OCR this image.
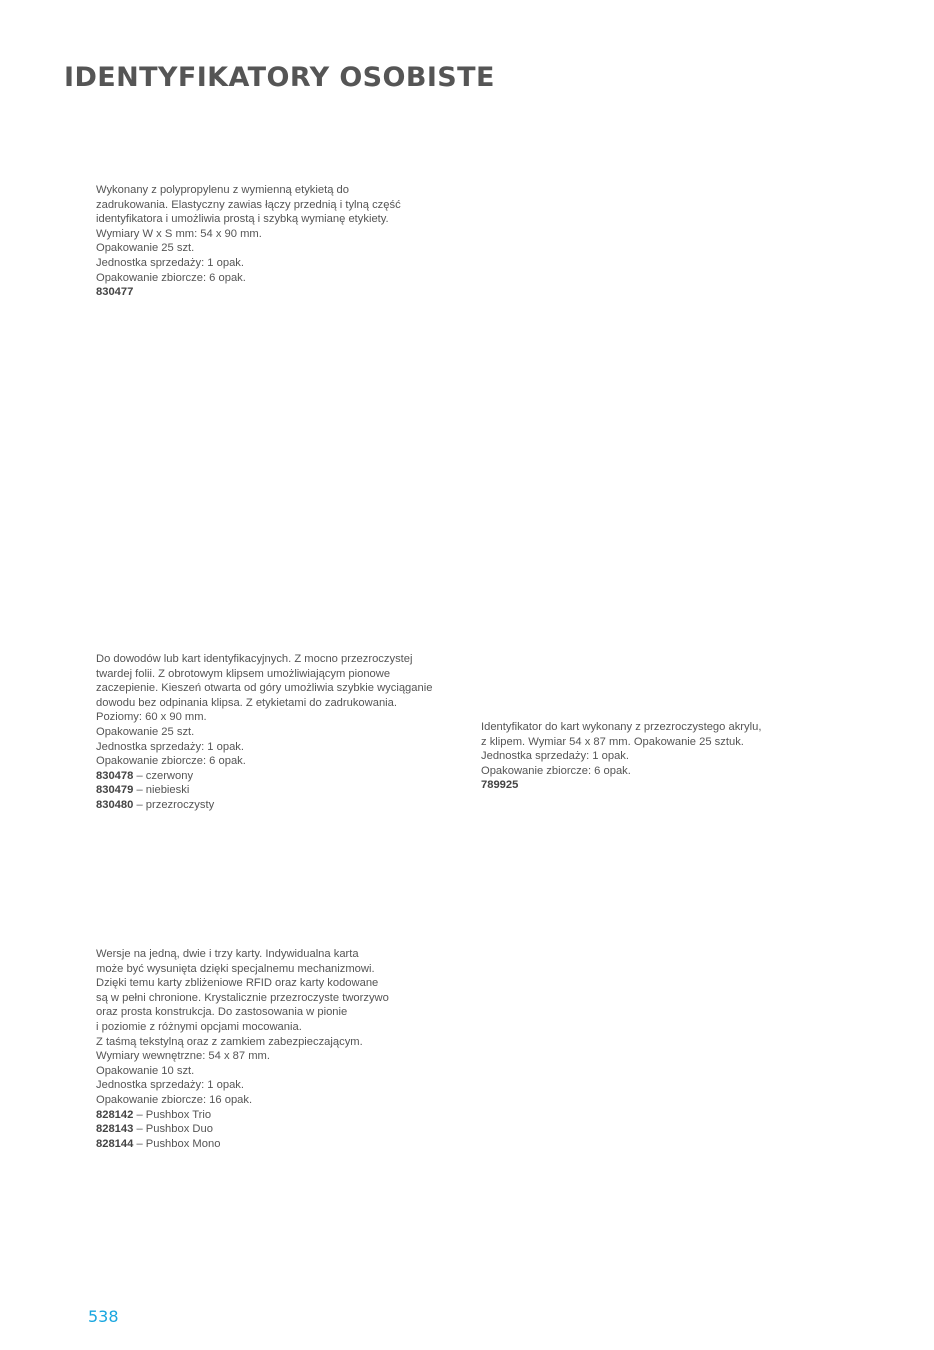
IDENTYFIKATORY OSOBISTE
Wykonany z polypropylenu z wymienną etykietą do
zadrukowania. Elastyczny zawias łączy przednią i tylną część
identyfikatora i umożliwia prostą i szybką wymianę etykiety.
Wymiary W x S mm: 54 x 90 mm.
Opakowanie 25 szt.
Jednostka sprzedaży: 1 opak.
Opakowanie zbiorcze: 6 opak.
830477
Do dowodów lub kart identyfikacyjnych. Z mocno przezroczystej
twardej folii. Z obrotowym klipsem umożliwiającym pionowe
zaczepienie. Kieszeń otwarta od góry umożliwia szybkie wyciąganie
dowodu bez odpinania klipsa. Z etykietami do zadrukowania.
Poziomy: 60 x 90 mm.
Opakowanie 25 szt.
Jednostka sprzedaży: 1 opak.
Opakowanie zbiorcze: 6 opak.
830478 – czerwony
830479 – niebieski
830480 – przezroczysty
Identyfikator do kart wykonany z przezroczystego akrylu,
z klipem. Wymiar 54 x 87 mm. Opakowanie 25 sztuk.
Jednostka sprzedaży: 1 opak.
Opakowanie zbiorcze: 6 opak.
789925
Wersje na jedną, dwie i trzy karty. Indywidualna karta
może być wysunięta dzięki specjalnemu mechanizmowi.
Dzięki temu karty zbliżeniowe RFID oraz karty kodowane
są w pełni chronione. Krystalicznie przezroczyste tworzywo
oraz prosta konstrukcja. Do zastosowania w pionie
i poziomie z różnymi opcjami mocowania.
Z taśmą tekstylną oraz z zamkiem zabezpieczającym.
Wymiary wewnętrzne: 54 x 87 mm.
Opakowanie 10 szt.
Jednostka sprzedaży: 1 opak.
Opakowanie zbiorcze: 16 opak.
828142 – Pushbox Trio
828143 – Pushbox Duo
828144 – Pushbox Mono
538
